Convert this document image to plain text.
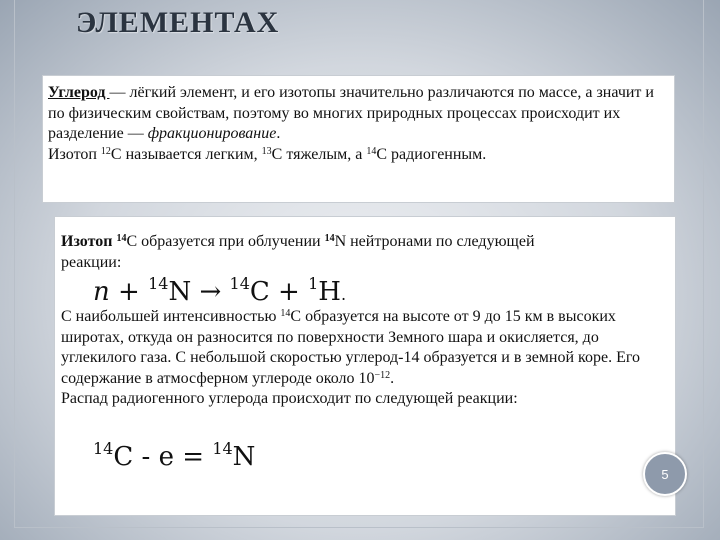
ЭЛЕМЕНТАХ

Углерод — лёгкий элемент, и его изотопы значительно различаются по массе, а значит и по физическим свойствам, поэтому во многих природных процессах происходит их разделение — фракционирование.
Изотоп $^{12}$C называется легким, $^{13}$C тяжелым, а $^{14}$C радиогенным.

Изотоп $^{14}$С образуется при облучении $^{14}$N нейтронами по следующей реакции:

n + $^{14}$N → $^{14}$C + $^1$H.

С наибольшей интенсивностью $^{14}$С образуется на высоте от 9 до 15 км в высоких широтах, откуда он разносится по поверхности Земного шара и окисляется, до углекилого газа. С небольшой скоростью углерод-14 образуется и в земной коре. Его содержание в атмосферном углероде около $10^{-12}$.
Распад радиогенного углерода происходит по следующей реакции:

$^{14}$C - e = $^{14}$N

5
